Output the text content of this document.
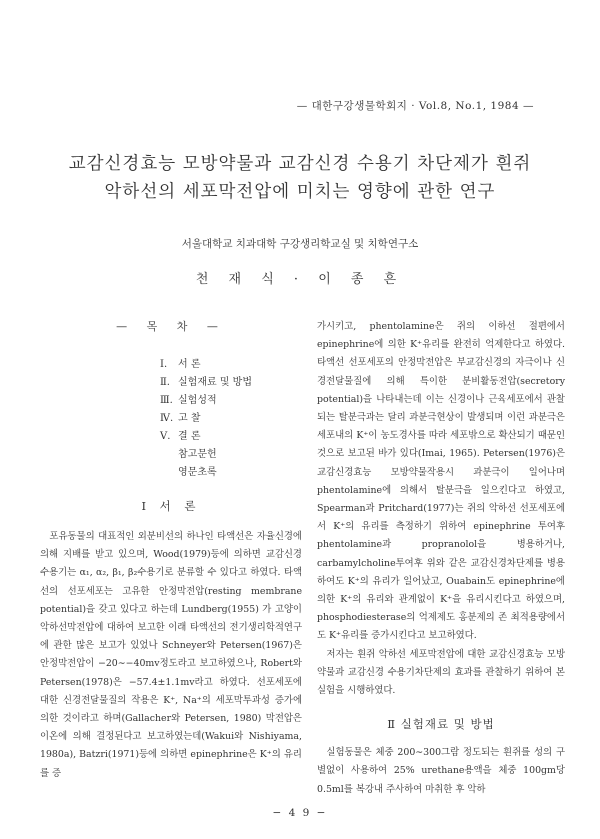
— 대한구강생물학회지 · Vol.8, No.1, 1984 —
교감신경효능 모방약물과 교감신경 수용기 차단제가 흰쥐
악하선의 세포막전압에 미치는 영향에 관한 연구
서울대학교 치과대학 구강생리학교실 및 치학연구소
천 재 식 · 이 종 흔
— 목 차 —
Ⅰ. 서 론
Ⅱ. 실험재료 및 방법
Ⅲ. 실험성적
Ⅳ. 고 찰
Ⅴ. 결 론
참고문헌
영문초록
Ⅰ 서 론

포유동물의 대표적인 외분비선의 하나인 타액선은 자율신경에 의해 지배를 받고 있으며, Wood(1979)등에 의하면 교감신경 수용기는 α₁, α₂, β₁, β₂수용기로 분류할 수 있다고 하였다. 타액선의 선포세포는 고유한 안정막전압(resting membrane potential)을 갖고 있다고 하는데 Lundberg(1955) 가 고양이 악하선막전압에 대하여 보고한 이래 타액선의 전기생리학적연구에 관한 많은 보고가 있었나 Schneyer와 Petersen(1967)은 안정막전압이 −20∼−40mv정도라고 보고하였으나, Robert와 Petersen(1978)은 −57.4±1.1mv라고 하였다. 선포세포에 대한 신경전달물질의 작용은 K⁺, Na⁺의 세포막투과성 증가에 의한 것이라고 하며(Gallacher와 Petersen, 1980) 막전압은 이온에 의해 결정된다고 보고하였는데(Wakui와 Nishiyama, 1980a), Batzri(1971)등에 의하면 epinephrine은 K⁺의 유리를 증

가시키고, phentolamine은 쥐의 이하선 절편에서 epinephrine에 의한 K⁺유리를 완전히 억제한다고 하였다. 타액선 선포세포의 안정막전압은 부교감신경의 자극이나 신경전달물질에 의해 특이한 분비활동전압(secretory potential)을 나타내는데 이는 신경이나 근육세포에서 관찰되는 탈분극과는 달리 과분극현상이 발생되며 이런 과분극은 세포내의 K⁺이 농도경사를 따라 세포밖으로 확산되기 때문인 것으로 보고된 바가 있다(Imai, 1965). Petersen(1976)은 교감신경효능 모방약물작용시 과분극이 일어나며 phentolamine에 의해서 탈분극을 일으킨다고 하였고, Spearman과 Pritchard(1977)는 쥐의 악하선 선포세포에서 K⁺의 유리를 측정하기 위하여 epinephrine 투여후 phentolamine과 propranolol을 병용하거나, carbamylcholine투여후 위와 같은 교감신경차단제를 병용하여도 K⁺의 유리가 일어났고, Ouabain도 epinephrine에 의한 K⁺의 유리와 관계없이 K⁺을 유리시킨다고 하였으며, phosphodiesterase의 억제제도 홍분제의 존 최적용량에서도 K⁺유리를 증가시킨다고 보고하였다.

저자는 흰쥐 악하선 세포막전압에 대한 교감신경효능 모방약물과 교감신경 수용기차단제의 효과를 관찰하기 위하여 본 실험을 시행하였다.

Ⅱ 실험재료 및 방법

실험동물은 체중 200∼300그람 정도되는 흰쥐를 성의 구별없이 사용하여 25% urethane용액을 체중 100gm당 0.5ml를 복강내 주사하여 마취한 후 악하

− 4 9 −
